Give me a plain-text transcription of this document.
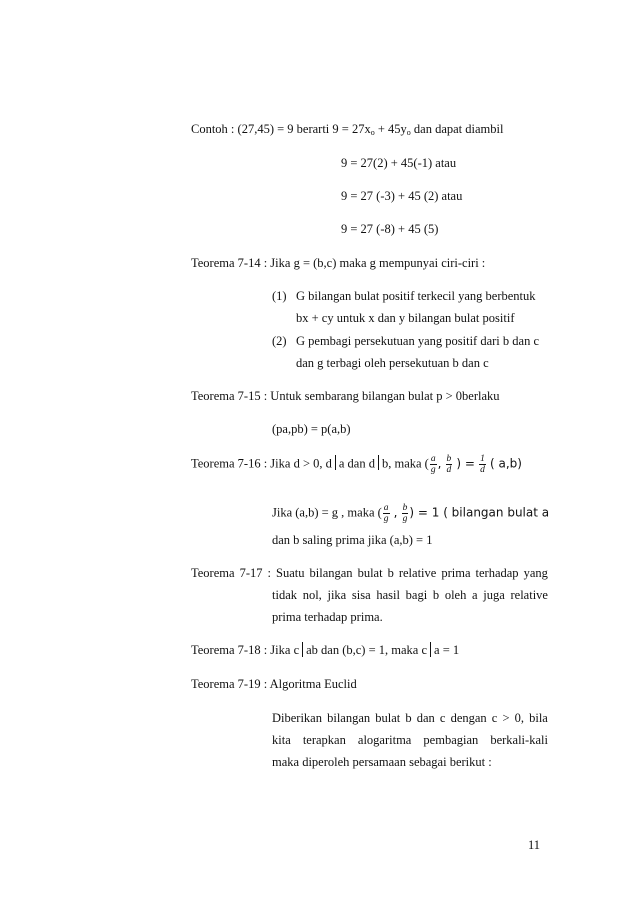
Contoh : (27,45) = 9 berarti $9 = 27x_o + 45y_o$ dan dapat diambil
9 = 27(2) + 45(-1) atau
9 = 27 (-3) + 45 (2) atau
9 = 27 (-8) + 45 (5)
Teorema 7-14 : Jika g = (b,c) maka g mempunyai ciri-ciri :
(1) G bilangan bulat positif terkecil yang berbentuk
bx + cy untuk x dan y bilangan bulat positif
(2) G pembagi persekutuan yang positif dari b dan c
dan g terbagi oleh persekutuan b dan c
Teorema 7-15 : Untuk sembarang bilangan bulat p > 0berlaku
(pa,pb) = p(a,b)
Teorema 7-16 : Jika d > 0, d a dan d b, maka ( $\frac{a}{g}$ , $\frac{b}{d}$ ) = $\frac{1}{d}$ ( a,b)
Jika (a,b) = g , maka ( $\frac{a}{g}$ , $\frac{b}{g}$ ) = 1 ( bilangan bulat a
dan b saling prima jika (a,b) = 1
Teorema 7-17 : Suatu bilangan bulat b relative prima terhadap yang
tidak nol, jika sisa hasil bagi b oleh a juga relative
prima terhadap prima.
Teorema 7-18 : Jika c ab dan (b,c) = 1, maka c a = 1
Teorema 7-19 : Algoritma Euclid
Diberikan bilangan bulat b dan c dengan c > 0, bila
kita terapkan alogaritma pembagian berkali-kali
maka diperoleh persamaan sebagai berikut :
11
